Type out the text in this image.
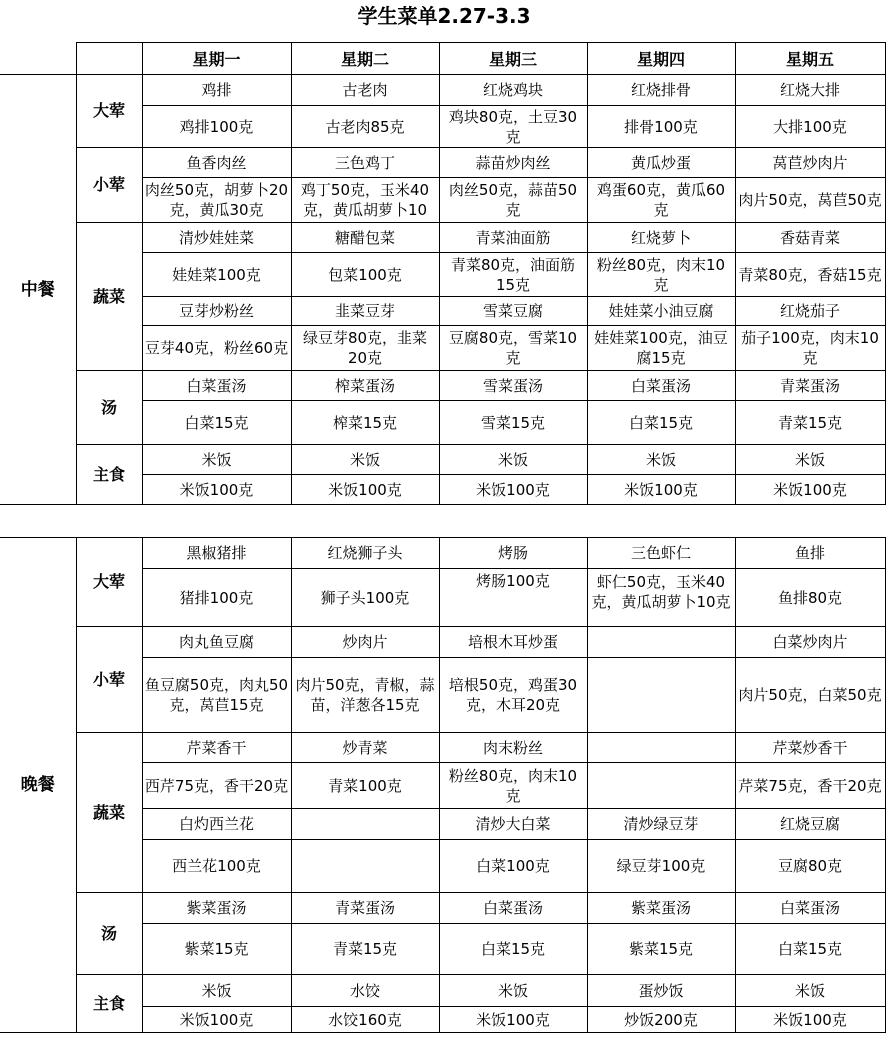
学生菜单2.27-3.3
		星期一	星期二	星期三	星期四	星期五
中餐	大荤	鸡排	古老肉	红烧鸡块	红烧排骨	红烧大排
		鸡排100克	古老肉85克	鸡块80克，土豆30克	排骨100克	大排100克
	小荤	鱼香肉丝	三色鸡丁	蒜苗炒肉丝	黄瓜炒蛋	莴苣炒肉片
		肉丝50克，胡萝卜20克，黄瓜30克	鸡丁50克，玉米40克，黄瓜胡萝卜10	肉丝50克，蒜苗50克	鸡蛋60克，黄瓜60克	肉片50克，莴苣50克
	蔬菜	清炒娃娃菜	糖醋包菜	青菜油面筋	红烧萝卜	香菇青菜
		娃娃菜100克	包菜100克	青菜80克，油面筋15克	粉丝80克，肉末10克	青菜80克，香菇15克
		豆芽炒粉丝	韭菜豆芽	雪菜豆腐	娃娃菜小油豆腐	红烧茄子
		豆芽40克，粉丝60克	绿豆芽80克，韭菜20克	豆腐80克，雪菜10克	娃娃菜100克，油豆腐15克	茄子100克，肉末10克
	汤	白菜蛋汤	榨菜蛋汤	雪菜蛋汤	白菜蛋汤	青菜蛋汤
		白菜15克	榨菜15克	雪菜15克	白菜15克	青菜15克
	主食	米饭	米饭	米饭	米饭	米饭
		米饭100克	米饭100克	米饭100克	米饭100克	米饭100克
晚餐	大荤	黑椒猪排	红烧狮子头	烤肠	三色虾仁	鱼排
		猪排100克	狮子头100克	烤肠100克	虾仁50克，玉米40克，黄瓜胡萝卜10克	鱼排80克
	小荤	肉丸鱼豆腐	炒肉片	培根木耳炒蛋		白菜炒肉片
		鱼豆腐50克，肉丸50克，莴苣15克	肉片50克，青椒，蒜苗，洋葱各15克	培根50克，鸡蛋30克，木耳20克		肉片50克，白菜50克
	蔬菜	芹菜香干	炒青菜	肉末粉丝		芹菜炒香干
		西芹75克，香干20克	青菜100克	粉丝80克，肉末10克		芹菜75克，香干20克
		白灼西兰花		清炒大白菜	清炒绿豆芽	红烧豆腐
		西兰花100克		白菜100克	绿豆芽100克	豆腐80克
	汤	紫菜蛋汤	青菜蛋汤	白菜蛋汤	紫菜蛋汤	白菜蛋汤
		紫菜15克	青菜15克	白菜15克	紫菜15克	白菜15克
	主食	米饭	水饺	米饭	蛋炒饭	米饭
		米饭100克	水饺160克	米饭100克	炒饭200克	米饭100克
